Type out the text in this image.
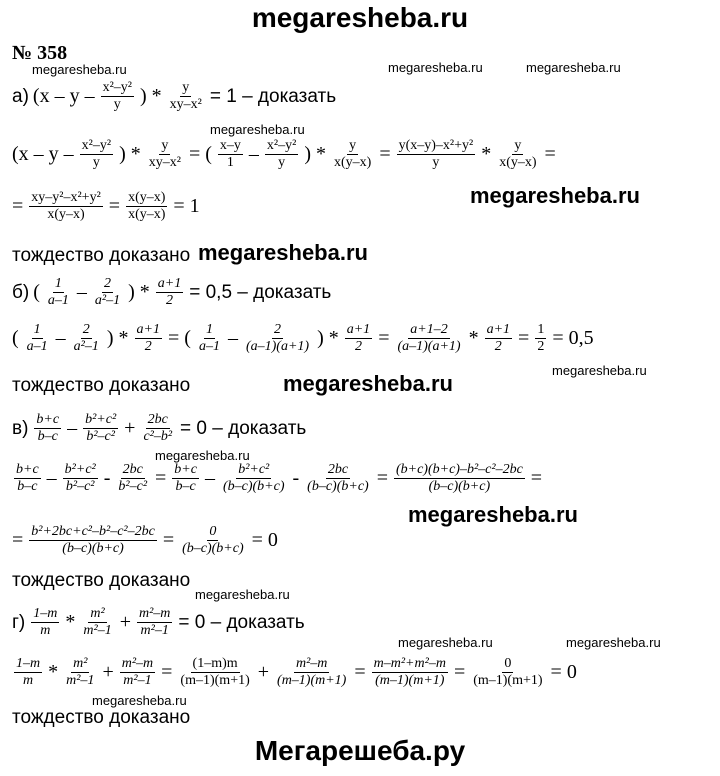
megaresheba.ru
№ 358
megaresheba.ru	megaresheba.ru	megaresheba.ru
а) (x – y – $\frac{\text{x²–y²}}{y}$ ) * $\frac{y}{\text{xy–x²}} = 1$ – доказать
megaresheba.ru
(x – y – $\frac{\text{x²–y²}}{y}$ ) * $\frac{y}{\text{xy–x²}}$ = ( $\frac{x-y}{1} - \frac{\text{x²–y²}}{y}$ ) * $\frac{y}{x(y-x)} = \frac{\text{y(x–y)–x²+y²}}{y} * \frac{y}{x(y-x)}$ =
= $\frac{\text{xy–y²–x²+y²}}{x(y-x)} = \frac{x(y-x)}{x(y-x)} = 1$	megaresheba.ru
тождество доказано megaresheba.ru
б) ( $\frac{1}{a-1} - \frac{2}{\text{a²–1}}$ ) * $\frac{a+1}{2} = 0,5$ – доказать
( $\frac{1}{a-1} - \frac{2}{\text{a²–1}}$ ) * $\frac{a+1}{2}$ = ( $\frac{1}{a-1} - \frac{2}{(a-1)(a+1)}$ ) * $\frac{a+1}{2} = \frac{a+1-2}{(a-1)(a+1)} * \frac{a+1}{2} = \frac{1}{2} = 0,5$
megaresheba.ru
тождество доказано	megaresheba.ru
$в) \frac{b+c}{b-c} - \frac{\text{b²+c²}}{\text{b²–c²}} + \frac{2bc}{\text{c²–b²}} = 0$ – доказать
megaresheba.ru
$\frac{b+c}{b-c} - \frac{\text{b²+c²}}{\text{b²–c²}} - \frac{2bc}{\text{b²–c²}} = \frac{b+c}{b-c} - \frac{\text{b²+c²}}{(b-c)(b+c)} - \frac{2bc}{(b-c)(b+c)} = \frac{\text{(b+c)(b+c)–b²–c²–2bc}}{(b-c)(b+c)}$ =
megaresheba.ru
= $\frac{\text{b²+2bc+c²–b²–c²–2bc}}{(b-c)(b+c)} = \frac{0}{(b-c)(b+c)} = 0$
тождество доказано
megaresheba.ru
$г) \frac{1-m}{m} * \frac{\text{m²}}{\text{m²–1}} + \frac{\text{m²–m}}{\text{m²–1}} = 0$ – доказать
megaresheba.ru	megaresheba.ru
$\frac{1-m}{m} * \frac{\text{m²}}{\text{m²–1}} + \frac{\text{m²–m}}{\text{m²–1}} = \frac{(1-m)m}{(m-1)(m+1)} + \frac{\text{m²–m}}{(m-1)(m+1)} = \frac{\text{m–m²+m²–m}}{(m-1)(m+1)} = \frac{0}{(m-1)(m+1)} = 0$
megaresheba.ru
тождество доказано
Мегарешеба.ру
